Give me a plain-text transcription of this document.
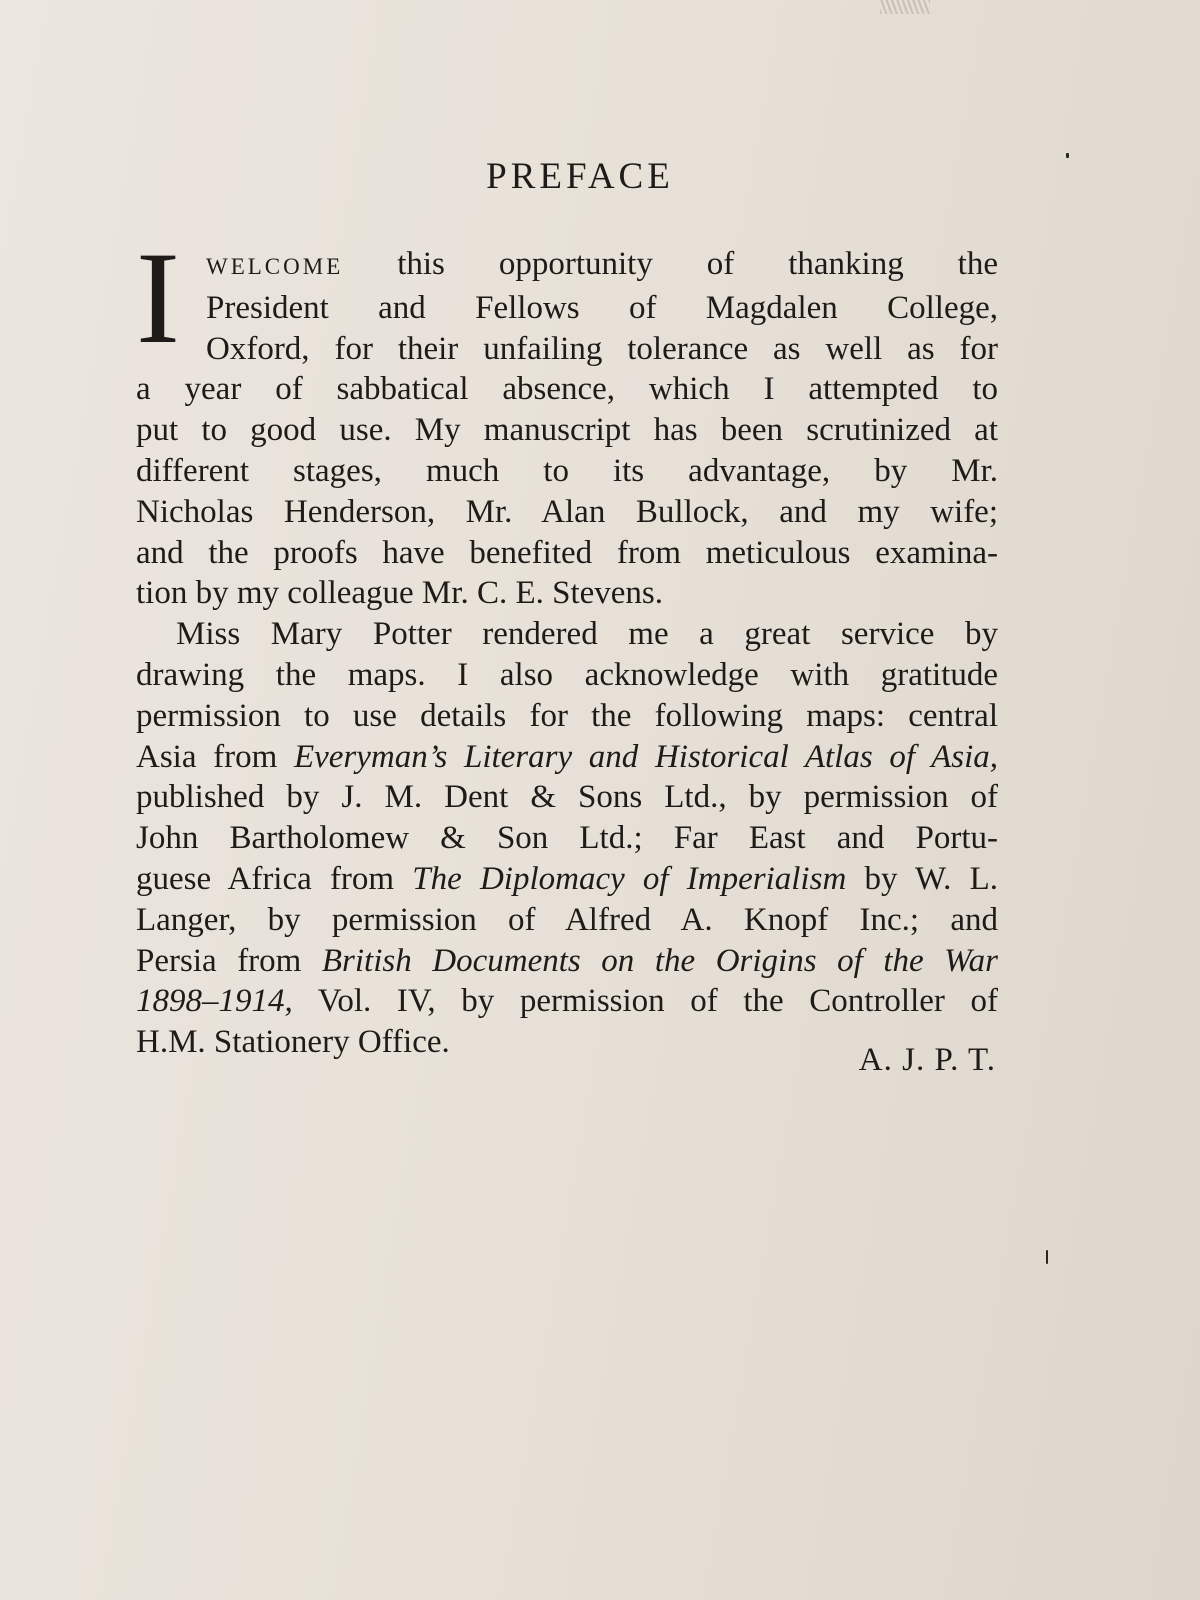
PREFACE
I WELCOME this opportunity of thanking the
President and Fellows of Magdalen College,
Oxford, for their unfailing tolerance as well as for
a year of sabbatical absence, which I attempted to
put to good use. My manuscript has been scrutinized at
different stages, much to its advantage, by Mr.
Nicholas Henderson, Mr. Alan Bullock, and my wife;
and the proofs have benefited from meticulous examina-
tion by my colleague Mr. C. E. Stevens.
Miss Mary Potter rendered me a great service by
drawing the maps. I also acknowledge with gratitude
permission to use details for the following maps: central
Asia from Everyman’s Literary and Historical Atlas of Asia,
published by J. M. Dent & Sons Ltd., by permission of
John Bartholomew & Son Ltd.; Far East and Portu-
guese Africa from The Diplomacy of Imperialism by W. L.
Langer, by permission of Alfred A. Knopf Inc.; and
Persia from British Documents on the Origins of the War
1898–1914, Vol. IV, by permission of the Controller of
H.M. Stationery Office.	A. J. P. T.
